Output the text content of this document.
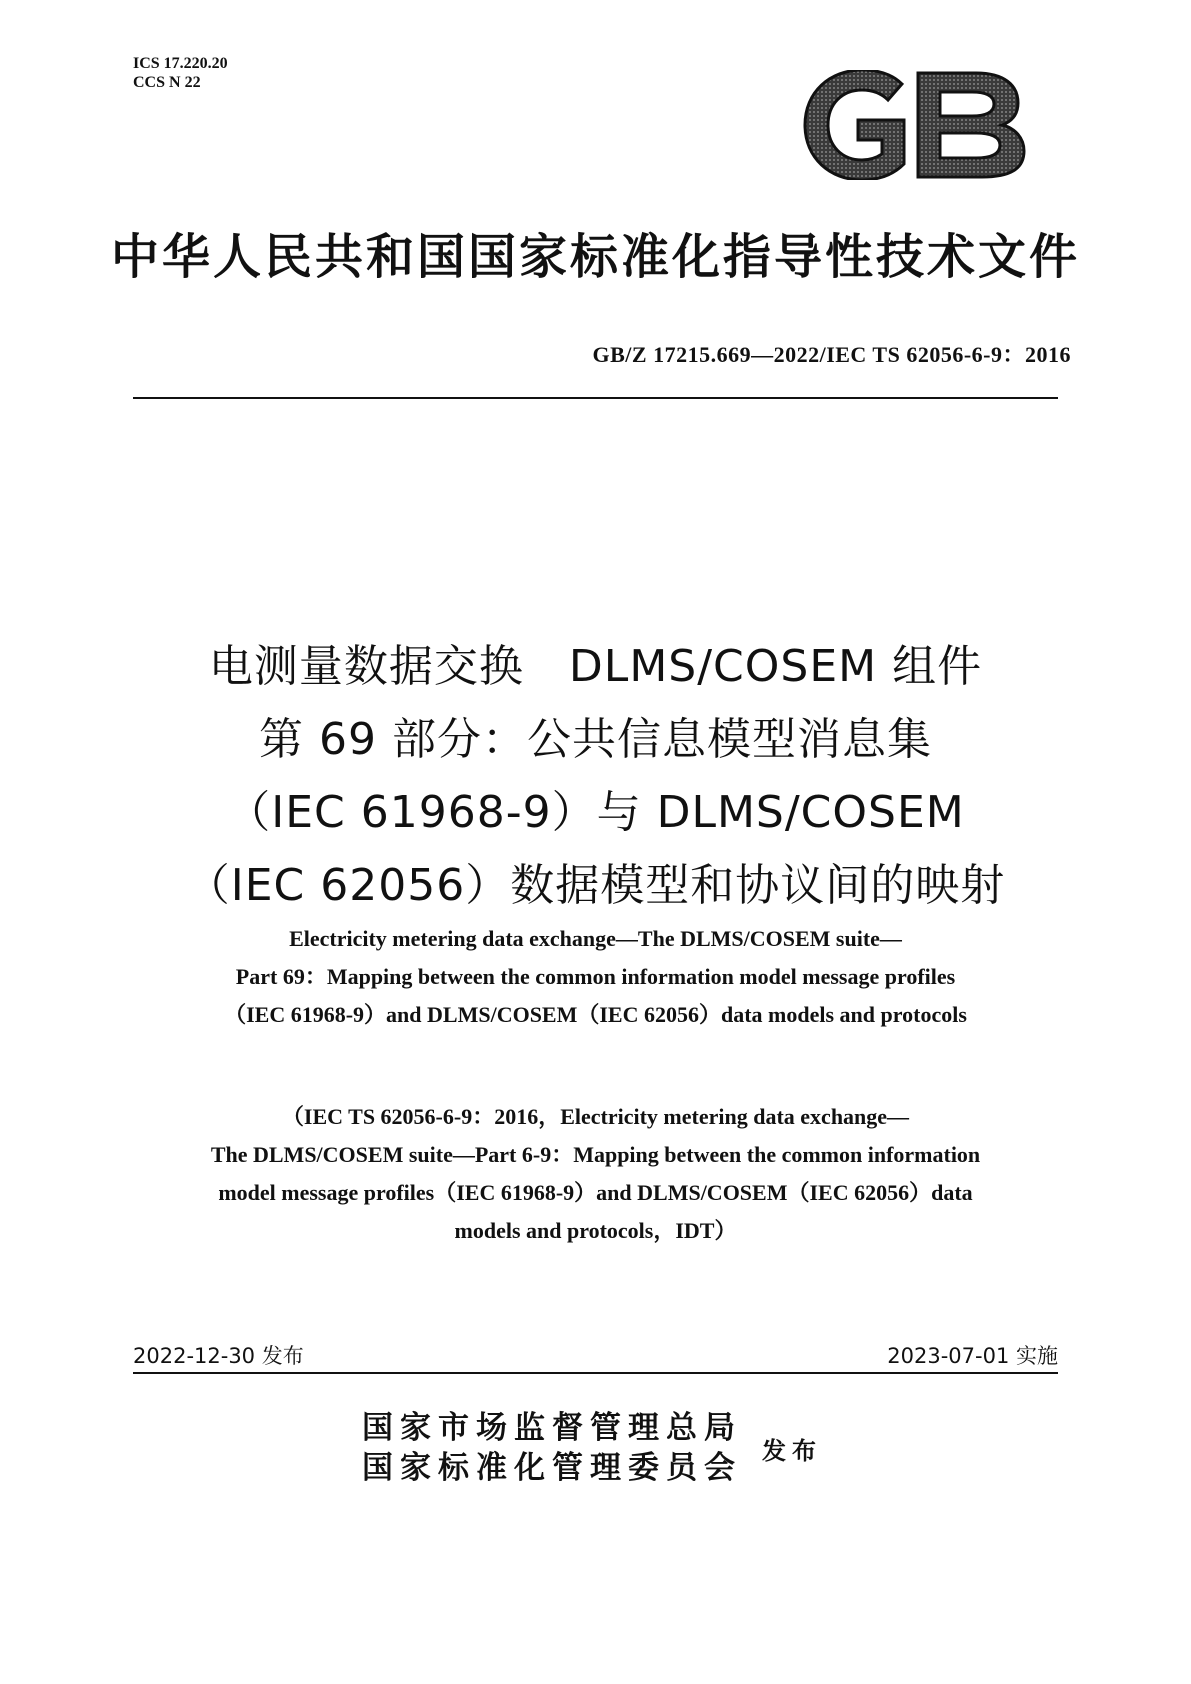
ICS 17.220.20
CCS N 22
中华人民共和国国家标准化指导性技术文件
GB/Z 17215.669—2022/IEC TS 62056-6-9：2016
电测量数据交换　DLMS/COSEM 组件
第 69 部分：公共信息模型消息集
（IEC 61968-9）与 DLMS/COSEM
（IEC 62056）数据模型和协议间的映射
Electricity metering data exchange—The DLMS/COSEM suite—
Part 69：Mapping between the common information model message profiles
（IEC 61968-9）and DLMS/COSEM（IEC 62056）data models and protocols
（IEC TS 62056-6-9：2016，Electricity metering data exchange—
The DLMS/COSEM suite—Part 6-9：Mapping between the common information
model message profiles（IEC 61968-9）and DLMS/COSEM（IEC 62056）data
models and protocols，IDT）
2022-12-30 发布	2023-07-01 实施
国家市场监督管理总局
国家标准化管理委员会 发布
